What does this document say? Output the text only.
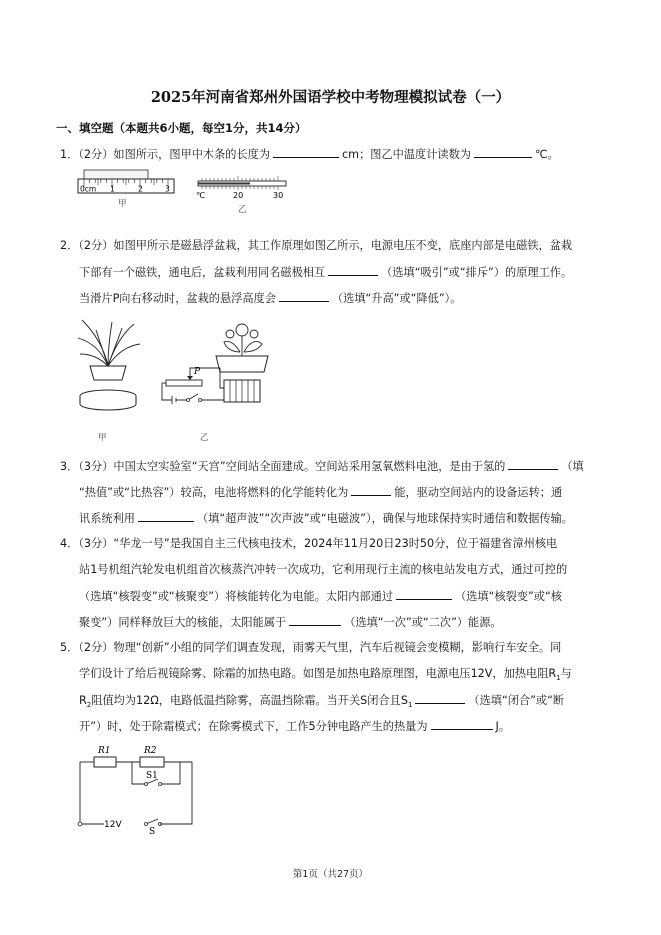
2025年河南省郑州外国语学校中考物理模拟试卷（一）
一、填空题（本题共6小题，每空1分，共14分）
1．（2分）如图所示，图甲中木条的长度为	cm；图乙中温度计读数为	℃。
0cm 1	2	3
甲
℃	20	30
乙
2．（2分）如图甲所示是磁悬浮盆栽，其工作原理如图乙所示，电源电压不变，底座内部是电磁铁，盆栽
下部有一个磁铁，通电后，盆栽利用同名磁极相互	（选填“吸引”或“排斥”）的原理工作。
当滑片P向右移动时，盆栽的悬浮高度会	（选填“升高”或“降低”）。
甲
P
乙
3．（3分）中国太空实验室“天宫”空间站全面建成。空间站采用氢氧燃料电池，是由于氢的	（填
“热值”或“比热容”）较高，电池将燃料的化学能转化为	能，驱动空间站内的设备运转；通
讯系统利用	（填“超声波”“次声波”或“电磁波”），确保与地球保持实时通信和数据传输。
4．（3分）“华龙一号”是我国自主三代核电技术，2024年11月20日23时50分，位于福建省漳州核电
站1号机组汽轮发电机组首次核蒸汽冲转一次成功，它利用现行主流的核电站发电方式，通过可控的
（选填“核裂变”或“核聚变”）将核能转化为电能。太阳内部通过	（选填“核裂变”或“核
聚变”）同样释放巨大的核能，太阳能属于	（选填“一次”或“二次”）能源。
5．（2分）物理“创新”小组的同学们调查发现，雨雾天气里，汽车后视镜会变模糊，影响行车安全。同
学们设计了给后视镜除雾、除霜的加热电路。如图是加热电路原理图，电源电压12V，加热电阻$R_1$与
$R_2$阻值均为12Ω，电路低温挡除雾，高温挡除霜。当开关S闭合且$S_1$	（选填“闭合”或“断
开”）时，处于除霜模式；在除雾模式下，工作5分钟电路产生的热量为	J。
R1	R2
S1
12V
S
第1页（共27页）
